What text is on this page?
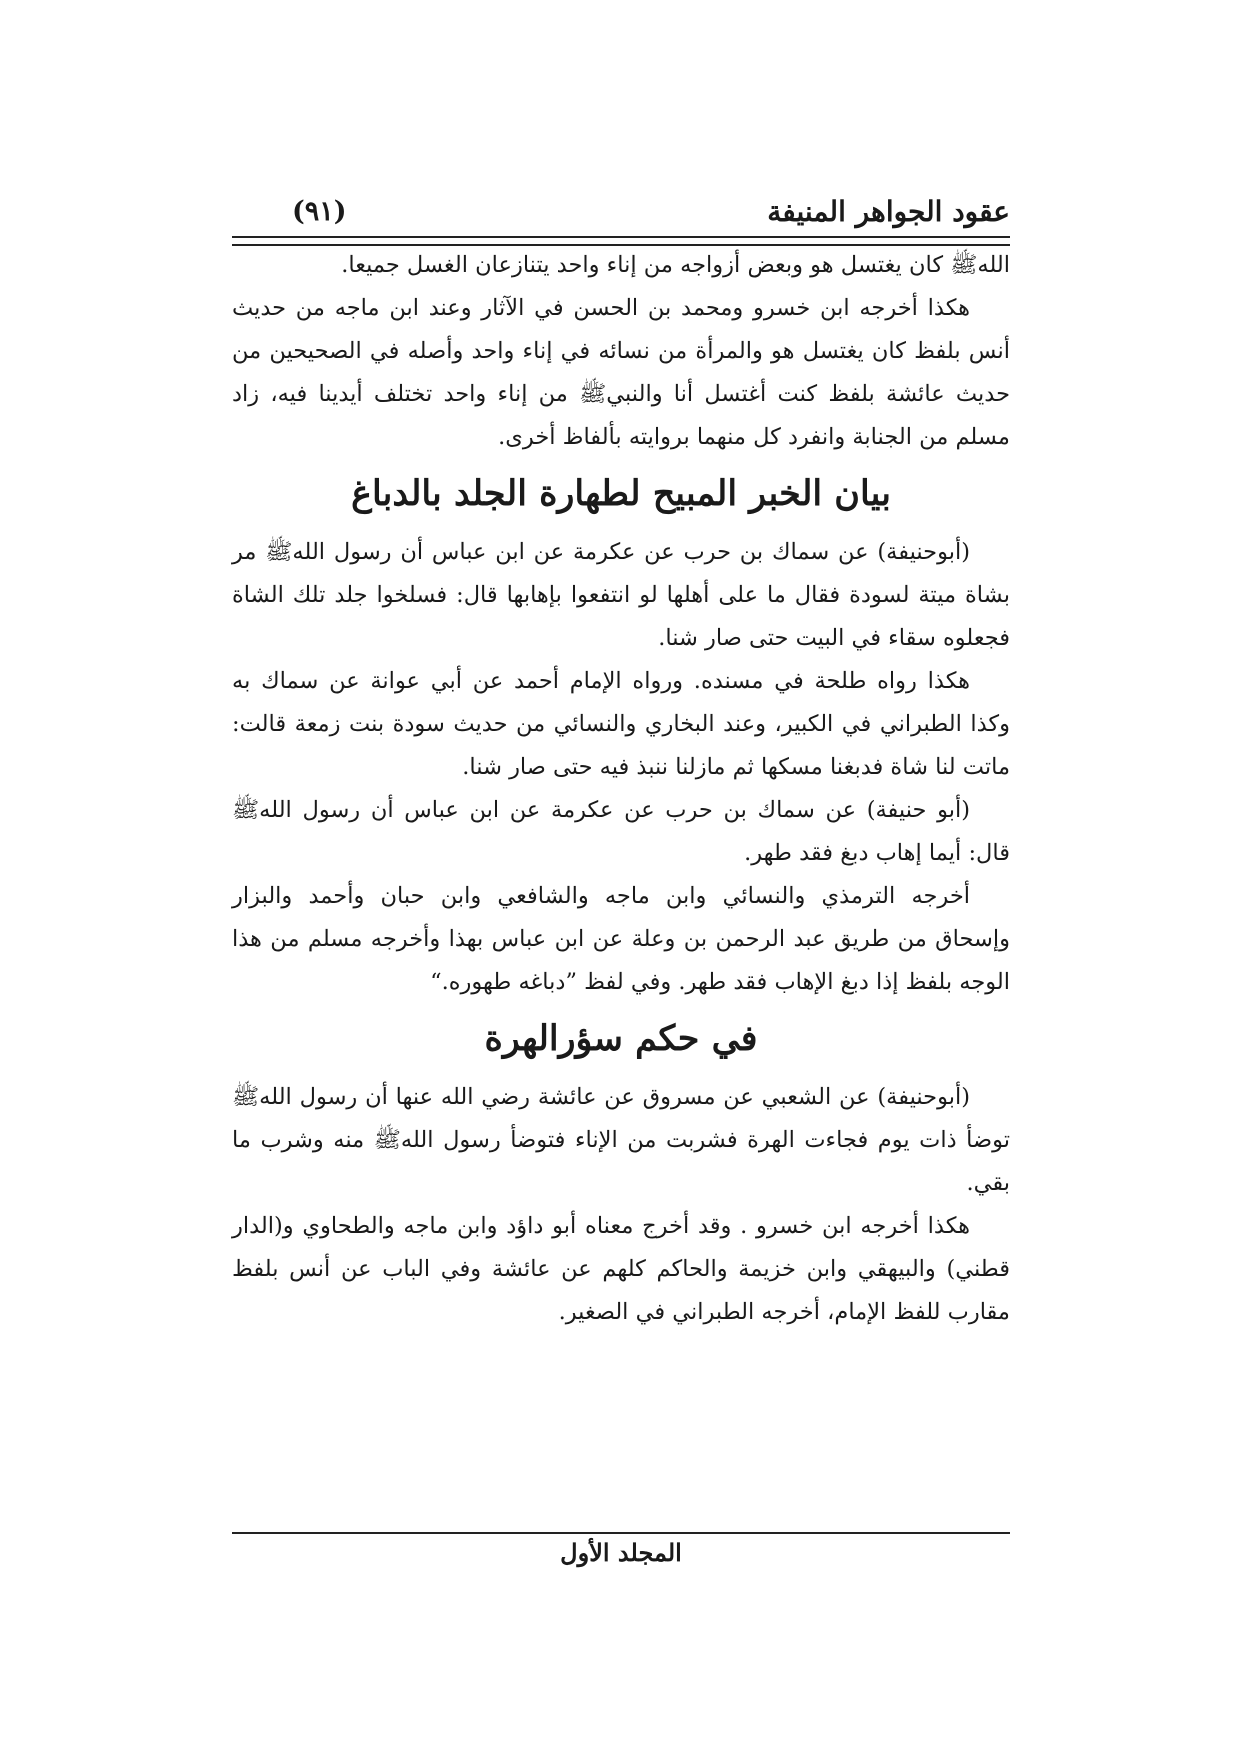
عقود الجواهر المنيفة
(٩١)

اللهﷺ كان يغتسل هو وبعض أزواجه من إناء واحد يتنازعان الغسل جميعا.

هكذا أخرجه ابن خسرو ومحمد بن الحسن في الآثار وعند ابن ماجه من حديث أنس بلفظ كان يغتسل هو والمرأة من نسائه في إناء واحد وأصله في الصحيحين من حديث عائشة بلفظ كنت أغتسل أنا والنبيﷺ من إناء واحد تختلف أيدينا فيه، زاد مسلم من الجنابة وانفرد كل منهما بروايته بألفاظ أخرى.

بيان الخبر المبيح لطهارة الجلد بالدباغ

(أبوحنيفة) عن سماك بن حرب عن عكرمة عن ابن عباس أن رسول اللهﷺ مر بشاة ميتة لسودة فقال ما على أهلها لو انتفعوا بإهابها قال: فسلخوا جلد تلك الشاة فجعلوه سقاء في البيت حتى صار شنا.

هكذا رواه طلحة في مسنده. ورواه الإمام أحمد عن أبي عوانة عن سماك به وكذا الطبراني في الكبير، وعند البخاري والنسائي من حديث سودة بنت زمعة قالت: ماتت لنا شاة فدبغنا مسكها ثم مازلنا ننبذ فيه حتى صار شنا.

(أبو حنيفة) عن سماك بن حرب عن عكرمة عن ابن عباس أن رسول اللهﷺ قال: أيما إهاب دبغ فقد طهر.

أخرجه الترمذي والنسائي وابن ماجه والشافعي وابن حبان وأحمد والبزار وإسحاق من طريق عبد الرحمن بن وعلة عن ابن عباس بهذا وأخرجه مسلم من هذا الوجه بلفظ إذا دبغ الإهاب فقد طهر. وفي لفظ ”دباغه طهوره.“

في حكم سؤرالهرة

(أبوحنيفة) عن الشعبي عن مسروق عن عائشة رضي الله عنها أن رسول اللهﷺ توضأ ذات يوم فجاءت الهرة فشربت من الإناء فتوضأ رسول اللهﷺ منه وشرب ما بقي.

هكذا أخرجه ابن خسرو . وقد أخرج معناه أبو داؤد وابن ماجه والطحاوي و(الدار قطني) والبيهقي وابن خزيمة والحاكم كلهم عن عائشة وفي الباب عن أنس بلفظ مقارب للفظ الإمام، أخرجه الطبراني في الصغير.

المجلد الأول
